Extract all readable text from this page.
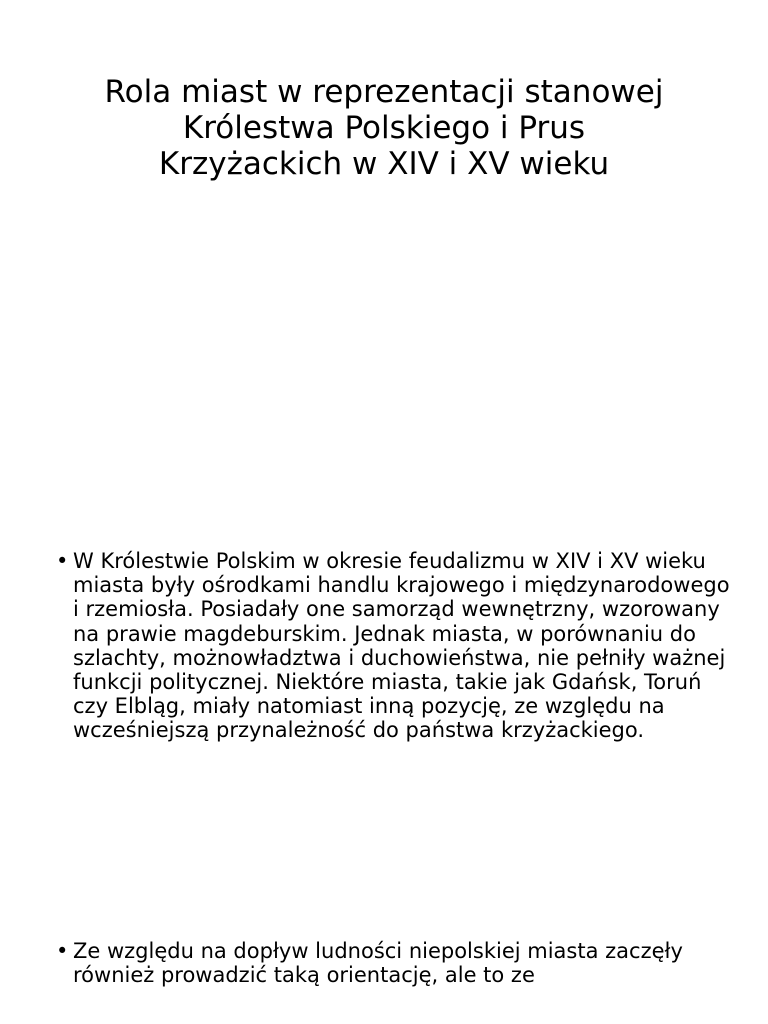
Rola miast w reprezentacji stanowej Królestwa Polskiego i Prus Krzyżackich w XIV i XV wieku
• W Królestwie Polskim w okresie feudalizmu w XIV i XV wieku miasta były ośrodkami handlu krajowego i międzynarodowego i rzemiosła. Posiadały one samorząd wewnętrzny, wzorowany na prawie magdeburskim. Jednak miasta, w porównaniu do szlachty, możnowładztwa i duchowieństwa, nie pełniły ważnej funkcji politycznej. Niektóre miasta, takie jak Gdańsk, Toruń czy Elbląg, miały natomiast inną pozycję, ze względu na wcześniejszą przynależność do państwa krzyżackiego.
• Ze względu na dopływ ludności niepolskiej miasta zaczęły również prowadzić taką orientację, ale to ze
